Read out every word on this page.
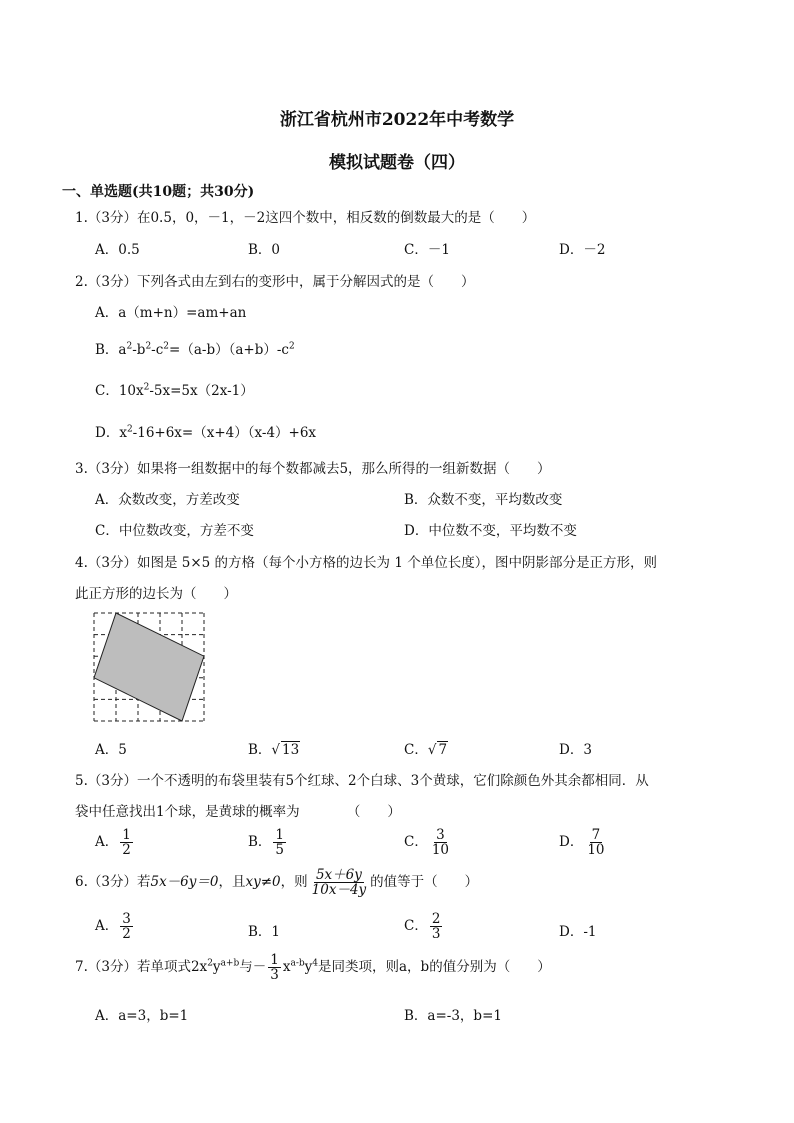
浙江省杭州市2022年中考数学
模拟试题卷（四）
一、单选题(共10题；共30分)
1.（3分）在0.5，0，－1，－2这四个数中，相反数的倒数最大的是（　　）
A．0.5	B．0	C．－1	D．－2
2.（3分）下列各式由左到右的变形中，属于分解因式的是（　　）
A．a（m+n）=am+an
B．$a^2-b^2-c^2=(a-b)(a+b)-c^2$
C．$10x^2-5x=5x(2x-1)$
D．$x^2-16+6x=(x+4)(x-4)+6x$
3.（3分）如果将一组数据中的每个数都减去5，那么所得的一组新数据（　　）
A．众数改变，方差改变	B．众数不变，平均数改变
C．中位数改变，方差不变	D．中位数不变，平均数不变
4.（3分）如图是 5×5 的方格（每个小方格的边长为 1 个单位长度），图中阴影部分是正方形，则
此正方形的边长为（　　）
A．5	B．√ 13	C．√ 7	D．3
5.（3分）一个不透明的布袋里装有5个红球、2个白球、3个黄球，它们除颜色外其余都相同．从
袋中任意找出1个球，是黄球的概率为　　　　（　　）
A． $\frac{1}{2}$	B． $\frac{1}{5}$	C． $\frac{3}{10}$	D． $\frac{7}{10}$
6.（3分）若5x－6y＝0，且xy≠0，则 $\frac{5x+6y}{10x-4y}$ 的值等于（　　）
A． $\frac{3}{2}$	B．1	C． $\frac{2}{3}$	D．-1
7.（3分）若单项式$2x^2y^{a+b}$与－ $\frac{1}{3} x^{a-b}y^4$是同类项，则a，b的值分别为（　　）
A．a=3，b=1	B．a=-3，b=1
